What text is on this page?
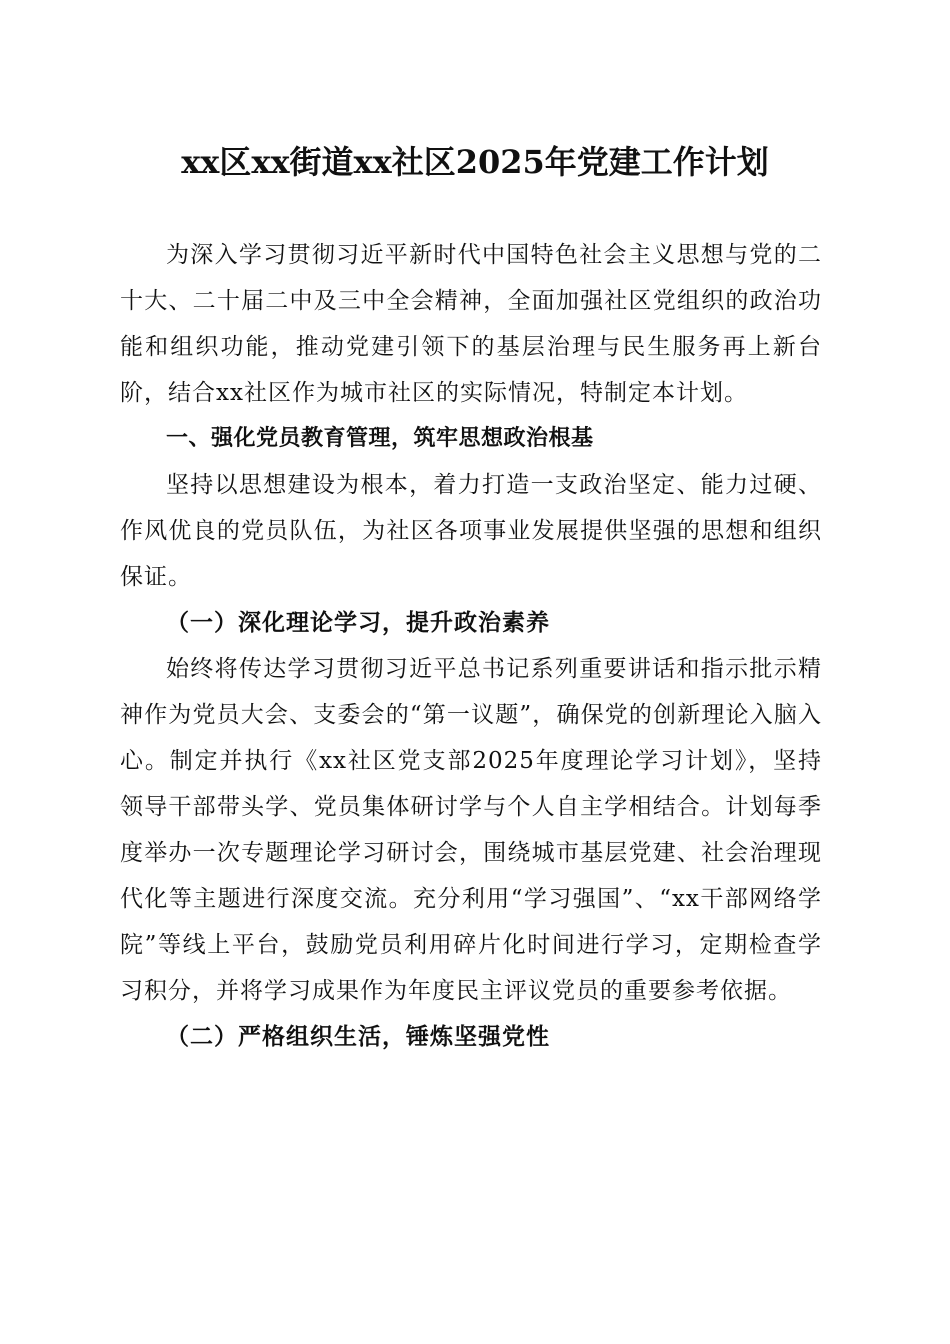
xx区xx街道xx社区2025年党建工作计划

为深入学习贯彻习近平新时代中国特色社会主义思想与党的二十大、二十届二中及三中全会精神，全面加强社区党组织的政治功能和组织功能，推动党建引领下的基层治理与民生服务再上新台阶，结合xx社区作为城市社区的实际情况，特制定本计划。

一、强化党员教育管理，筑牢思想政治根基

坚持以思想建设为根本，着力打造一支政治坚定、能力过硬、作风优良的党员队伍，为社区各项事业发展提供坚强的思想和组织保证。

（一）深化理论学习，提升政治素养

始终将传达学习贯彻习近平总书记系列重要讲话和指示批示精神作为党员大会、支委会的“第一议题”，确保党的创新理论入脑入心。制定并执行《xx社区党支部2025年度理论学习计划》，坚持领导干部带头学、党员集体研讨学与个人自主学相结合。计划每季度举办一次专题理论学习研讨会，围绕城市基层党建、社会治理现代化等主题进行深度交流。充分利用“学习强国”、“xx干部网络学院”等线上平台，鼓励党员利用碎片化时间进行学习，定期检查学习积分，并将学习成果作为年度民主评议党员的重要参考依据。

（二）严格组织生活，锤炼坚强党性
